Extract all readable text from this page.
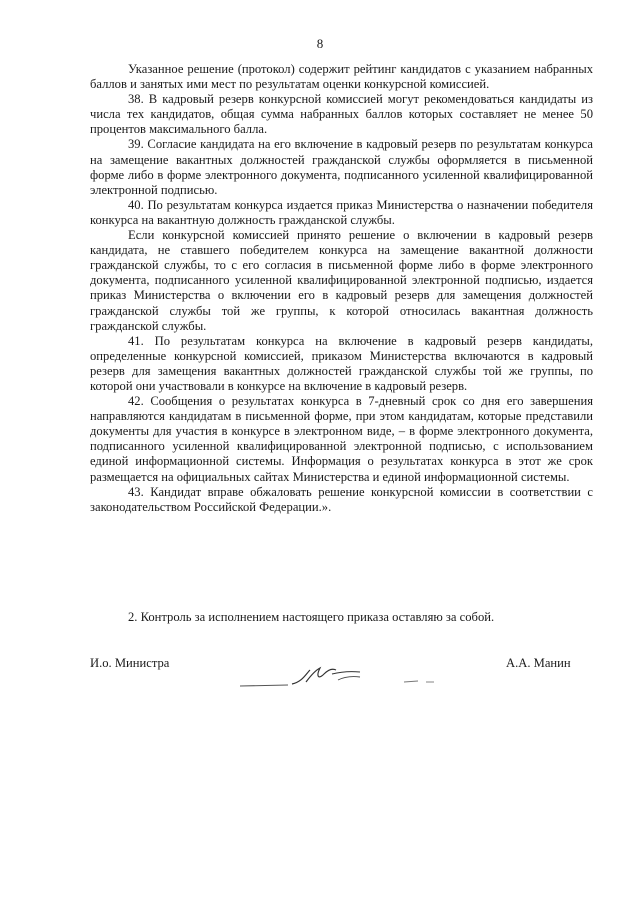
8

Указанное решение (протокол) содержит рейтинг кандидатов с указанием набранных баллов и занятых ими мест по результатам оценки конкурсной комиссией.

38. В кадровый резерв конкурсной комиссией могут рекомендоваться кандидаты из числа тех кандидатов, общая сумма набранных баллов которых составляет не менее 50 процентов максимального балла.

39. Согласие кандидата на его включение в кадровый резерв по результатам конкурса на замещение вакантных должностей гражданской службы оформляется в письменной форме либо в форме электронного документа, подписанного усиленной квалифицированной электронной подписью.

40. По результатам конкурса издается приказ Министерства о назначении победителя конкурса на вакантную должность гражданской службы.

Если конкурсной комиссией принято решение о включении в кадровый резерв кандидата, не ставшего победителем конкурса на замещение вакантной должности гражданской службы, то с его согласия в письменной форме либо в форме электронного документа, подписанного усиленной квалифицированной электронной подписью, издается приказ Министерства о включении его в кадровый резерв для замещения должностей гражданской службы той же группы, к которой относилась вакантная должность гражданской службы.

41. По результатам конкурса на включение в кадровый резерв кандидаты, определенные конкурсной комиссией, приказом Министерства включаются в кадровый резерв для замещения вакантных должностей гражданской службы той же группы, по которой они участвовали в конкурсе на включение в кадровый резерв.

42. Сообщения о результатах конкурса в 7-дневный срок со дня его завершения направляются кандидатам в письменной форме, при этом кандидатам, которые представили документы для участия в конкурсе в электронном виде, – в форме электронного документа, подписанного усиленной квалифицированной электронной подписью, с использованием единой информационной системы. Информация о результатах конкурса в этот же срок размещается на официальных сайтах Министерства и единой информационной системы.

43. Кандидат вправе обжаловать решение конкурсной комиссии в соответствии с законодательством Российской Федерации.».

2. Контроль за исполнением настоящего приказа оставляю за собой.
И.о. Министра	А.А. Манин
